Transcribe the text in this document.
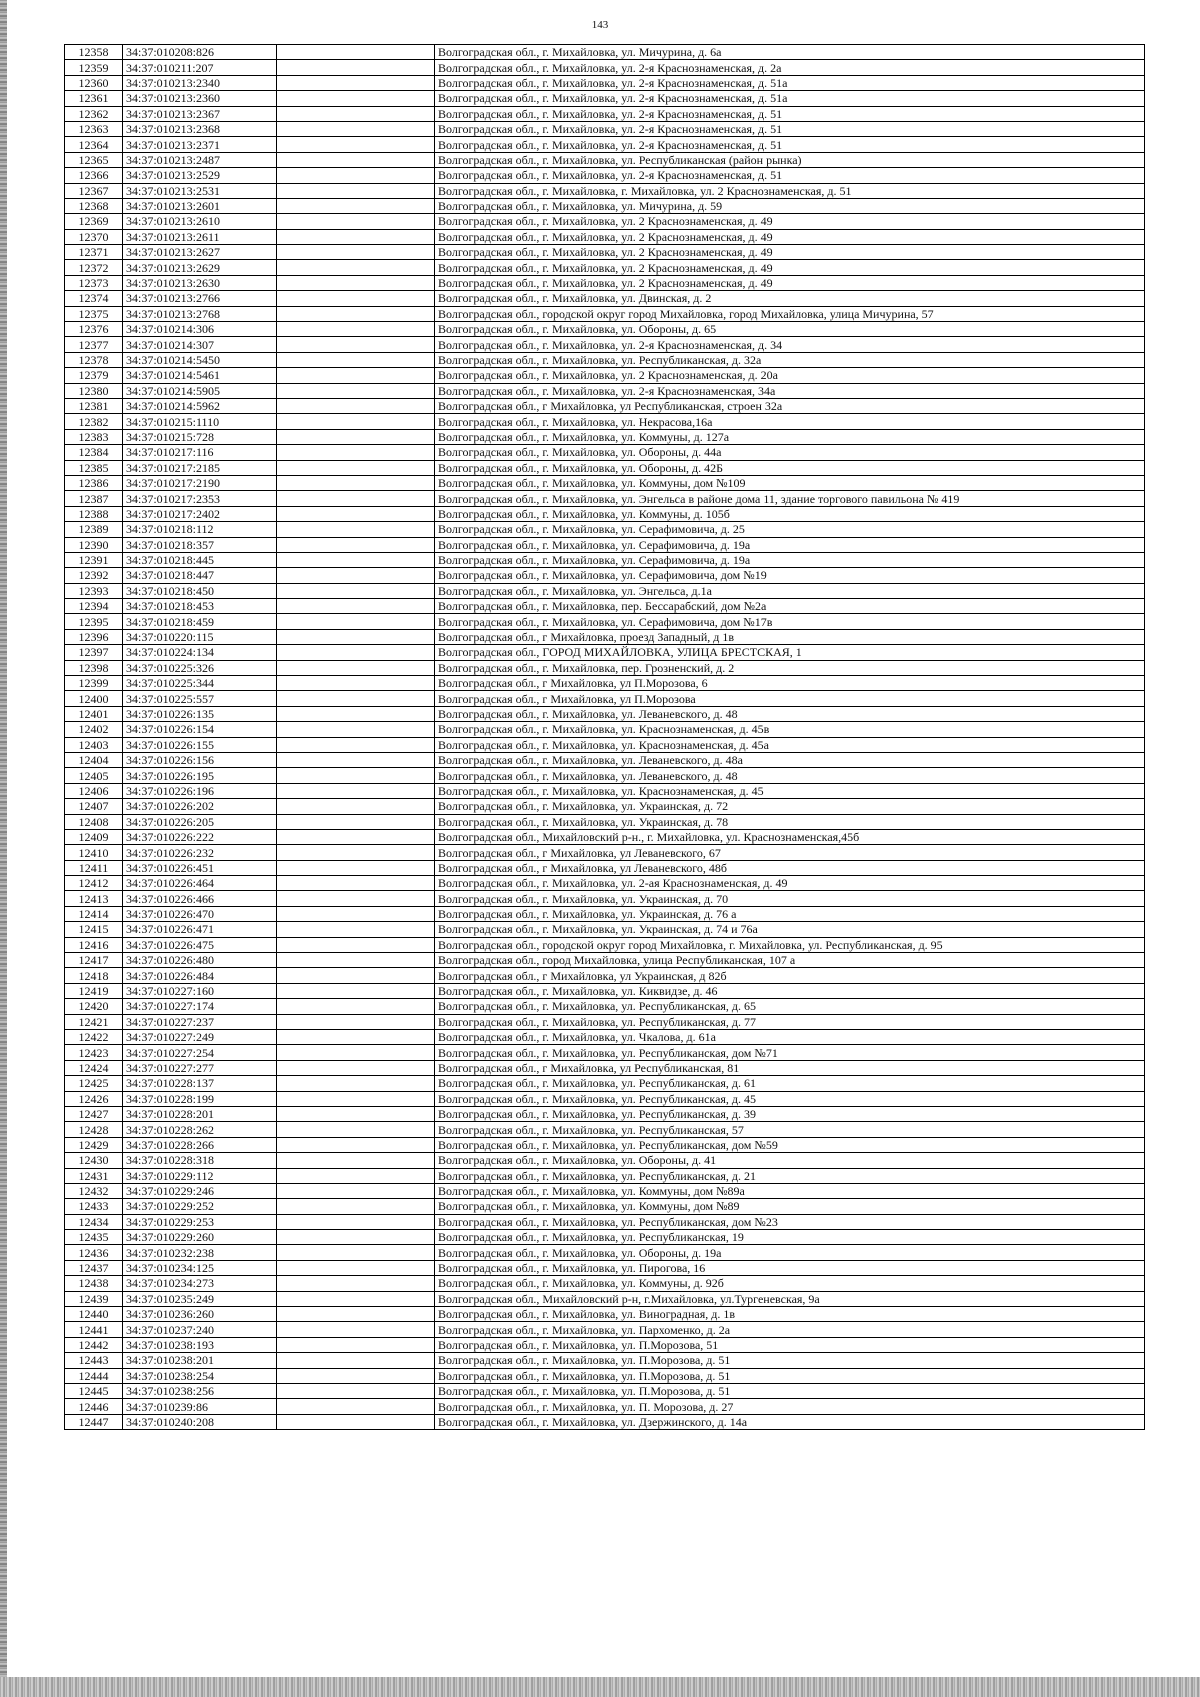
143
12358	34:37:010208:826		Волгоградская обл., г. Михайловка, ул. Мичурина, д. 6а
12359	34:37:010211:207		Волгоградская обл., г. Михайловка, ул. 2-я Краснознаменская, д. 2а
12360	34:37:010213:2340		Волгоградская обл., г. Михайловка, ул. 2-я Краснознаменская, д. 51а
12361	34:37:010213:2360		Волгоградская обл., г. Михайловка, ул. 2-я Краснознаменская, д. 51а
12362	34:37:010213:2367		Волгоградская обл., г. Михайловка, ул. 2-я Краснознаменская, д. 51
12363	34:37:010213:2368		Волгоградская обл., г. Михайловка, ул. 2-я Краснознаменская, д. 51
12364	34:37:010213:2371		Волгоградская обл., г. Михайловка, ул. 2-я Краснознаменская, д. 51
12365	34:37:010213:2487		Волгоградская обл., г. Михайловка, ул. Республиканская (район рынка)
12366	34:37:010213:2529		Волгоградская обл., г. Михайловка, ул. 2-я Краснознаменская, д. 51
12367	34:37:010213:2531		Волгоградская обл., г. Михайловка, г. Михайловка, ул. 2 Краснознаменская, д. 51
12368	34:37:010213:2601		Волгоградская обл., г. Михайловка, ул. Мичурина, д. 59
12369	34:37:010213:2610		Волгоградская обл., г. Михайловка, ул. 2 Краснознаменская, д. 49
12370	34:37:010213:2611		Волгоградская обл., г. Михайловка, ул. 2 Краснознаменская, д. 49
12371	34:37:010213:2627		Волгоградская обл., г. Михайловка, ул. 2 Краснознаменская, д. 49
12372	34:37:010213:2629		Волгоградская обл., г. Михайловка, ул. 2 Краснознаменская, д. 49
12373	34:37:010213:2630		Волгоградская обл., г. Михайловка, ул. 2 Краснознаменская, д. 49
12374	34:37:010213:2766		Волгоградская обл., г. Михайловка, ул. Двинская, д. 2
12375	34:37:010213:2768		Волгоградская обл., городской округ город Михайловка, город Михайловка, улица Мичурина, 57
12376	34:37:010214:306		Волгоградская обл., г. Михайловка, ул. Обороны, д. 65
12377	34:37:010214:307		Волгоградская обл., г. Михайловка, ул. 2-я Краснознаменская, д. 34
12378	34:37:010214:5450		Волгоградская обл., г. Михайловка, ул. Республиканская, д. 32а
12379	34:37:010214:5461		Волгоградская обл., г. Михайловка, ул. 2 Краснознаменская, д. 20а
12380	34:37:010214:5905		Волгоградская обл., г. Михайловка, ул. 2-я Краснознаменская, 34а
12381	34:37:010214:5962		Волгоградская обл., г Михайловка, ул Республиканская, строен 32а
12382	34:37:010215:1110		Волгоградская обл., г. Михайловка, ул. Некрасова,16а
12383	34:37:010215:728		Волгоградская обл., г. Михайловка, ул. Коммуны, д. 127а
12384	34:37:010217:116		Волгоградская обл., г. Михайловка, ул. Обороны, д. 44а
12385	34:37:010217:2185		Волгоградская обл., г. Михайловка, ул. Обороны, д. 42Б
12386	34:37:010217:2190		Волгоградская обл., г. Михайловка, ул. Коммуны, дом №109
12387	34:37:010217:2353		Волгоградская обл., г. Михайловка, ул. Энгельса в районе дома 11, здание торгового павильона № 419
12388	34:37:010217:2402		Волгоградская обл., г. Михайловка, ул. Коммуны, д. 105б
12389	34:37:010218:112		Волгоградская обл., г. Михайловка, ул. Серафимовича, д. 25
12390	34:37:010218:357		Волгоградская обл., г. Михайловка, ул. Серафимовича, д. 19а
12391	34:37:010218:445		Волгоградская обл., г. Михайловка, ул. Серафимовича, д. 19а
12392	34:37:010218:447		Волгоградская обл., г. Михайловка, ул. Серафимовича, дом №19
12393	34:37:010218:450		Волгоградская обл., г. Михайловка, ул. Энгельса, д.1а
12394	34:37:010218:453		Волгоградская обл., г. Михайловка, пер. Бессарабский, дом №2а
12395	34:37:010218:459		Волгоградская обл., г. Михайловка, ул. Серафимовича, дом №17в
12396	34:37:010220:115		Волгоградская обл., г Михайловка, проезд Западный, д 1в
12397	34:37:010224:134		Волгоградская обл., ГОРОД МИХАЙЛОВКА, УЛИЦА БРЕСТСКАЯ, 1
12398	34:37:010225:326		Волгоградская обл., г. Михайловка, пер. Грозненский, д. 2
12399	34:37:010225:344		Волгоградская обл., г Михайловка, ул П.Морозова, 6
12400	34:37:010225:557		Волгоградская обл., г Михайловка, ул П.Морозова
12401	34:37:010226:135		Волгоградская обл., г. Михайловка, ул. Леваневского, д. 48
12402	34:37:010226:154		Волгоградская обл., г. Михайловка, ул. Краснознаменская, д. 45в
12403	34:37:010226:155		Волгоградская обл., г. Михайловка, ул. Краснознаменская, д. 45а
12404	34:37:010226:156		Волгоградская обл., г. Михайловка, ул. Леваневского, д. 48а
12405	34:37:010226:195		Волгоградская обл., г. Михайловка, ул. Леваневского, д. 48
12406	34:37:010226:196		Волгоградская обл., г. Михайловка, ул. Краснознаменская, д. 45
12407	34:37:010226:202		Волгоградская обл., г. Михайловка, ул. Украинская, д. 72
12408	34:37:010226:205		Волгоградская обл., г. Михайловка, ул. Украинская, д. 78
12409	34:37:010226:222		Волгоградская обл., Михайловский р-н., г. Михайловка, ул. Краснознаменская,45б
12410	34:37:010226:232		Волгоградская обл., г Михайловка, ул Леваневского, 67
12411	34:37:010226:451		Волгоградская обл., г Михайловка, ул Леваневского, 48б
12412	34:37:010226:464		Волгоградская обл., г. Михайловка, ул. 2-ая Краснознаменская, д. 49
12413	34:37:010226:466		Волгоградская обл., г. Михайловка, ул. Украинская, д. 70
12414	34:37:010226:470		Волгоградская обл., г. Михайловка, ул. Украинская, д. 76 а
12415	34:37:010226:471		Волгоградская обл., г. Михайловка, ул. Украинская, д. 74 и 76а
12416	34:37:010226:475		Волгоградская обл., городской округ город Михайловка, г. Михайловка, ул. Республиканская, д. 95
12417	34:37:010226:480		Волгоградская обл., город Михайловка, улица Республиканская, 107 а
12418	34:37:010226:484		Волгоградская обл., г Михайловка, ул Украинская, д 82б
12419	34:37:010227:160		Волгоградская обл., г. Михайловка, ул. Киквидзе, д. 46
12420	34:37:010227:174		Волгоградская обл., г. Михайловка, ул. Республиканская, д. 65
12421	34:37:010227:237		Волгоградская обл., г. Михайловка, ул. Республиканская, д. 77
12422	34:37:010227:249		Волгоградская обл., г. Михайловка, ул. Чкалова, д. 61а
12423	34:37:010227:254		Волгоградская обл., г. Михайловка, ул. Республиканская, дом №71
12424	34:37:010227:277		Волгоградская обл., г Михайловка, ул Республиканская, 81
12425	34:37:010228:137		Волгоградская обл., г. Михайловка, ул. Республиканская, д. 61
12426	34:37:010228:199		Волгоградская обл., г. Михайловка, ул. Республиканская, д. 45
12427	34:37:010228:201		Волгоградская обл., г. Михайловка, ул. Республиканская, д. 39
12428	34:37:010228:262		Волгоградская обл., г. Михайловка, ул. Республиканская, 57
12429	34:37:010228:266		Волгоградская обл., г. Михайловка, ул. Республиканская, дом №59
12430	34:37:010228:318		Волгоградская обл., г. Михайловка, ул. Обороны, д. 41
12431	34:37:010229:112		Волгоградская обл., г. Михайловка, ул. Республиканская, д. 21
12432	34:37:010229:246		Волгоградская обл., г. Михайловка, ул. Коммуны, дом №89а
12433	34:37:010229:252		Волгоградская обл., г. Михайловка, ул. Коммуны, дом №89
12434	34:37:010229:253		Волгоградская обл., г. Михайловка, ул. Республиканская, дом №23
12435	34:37:010229:260		Волгоградская обл., г. Михайловка, ул. Республиканская, 19
12436	34:37:010232:238		Волгоградская обл., г. Михайловка, ул. Обороны, д. 19а
12437	34:37:010234:125		Волгоградская обл., г. Михайловка, ул. Пирогова, 16
12438	34:37:010234:273		Волгоградская обл., г. Михайловка, ул. Коммуны, д. 92б
12439	34:37:010235:249		Волгоградская обл., Михайловский р-н, г.Михайловка, ул.Тургеневская, 9а
12440	34:37:010236:260		Волгоградская обл., г. Михайловка, ул. Виноградная, д. 1в
12441	34:37:010237:240		Волгоградская обл., г. Михайловка, ул. Пархоменко, д. 2а
12442	34:37:010238:193		Волгоградская обл., г. Михайловка, ул. П.Морозова, 51
12443	34:37:010238:201		Волгоградская обл., г. Михайловка, ул. П.Морозова, д. 51
12444	34:37:010238:254		Волгоградская обл., г. Михайловка, ул. П.Морозова, д. 51
12445	34:37:010238:256		Волгоградская обл., г. Михайловка, ул. П.Морозова, д. 51
12446	34:37:010239:86		Волгоградская обл., г. Михайловка, ул. П. Морозова, д. 27
12447	34:37:010240:208		Волгоградская обл., г. Михайловка, ул. Дзержинского, д. 14а
